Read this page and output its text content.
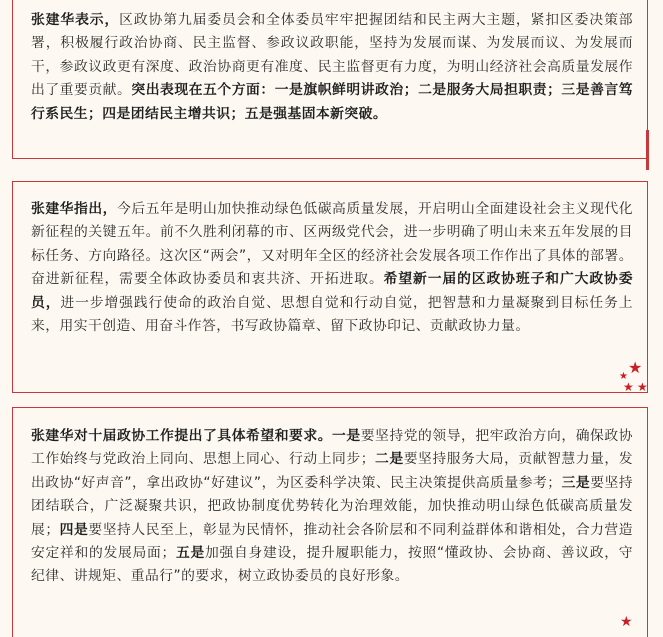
张建华表示，区政协第九届委员会和全体委员牢牢把握团结和民主两大主题，紧扣区委决策部署，积极履行政治协商、民主监督、参政议政职能，坚持为发展而谋、为发展而议、为发展而干，参政议政更有深度、政治协商更有准度、民主监督更有力度，为明山经济社会高质量发展作出了重要贡献。突出表现在五个方面：一是旗帜鲜明讲政治；二是服务大局担职责；三是善言笃行系民生；四是团结民主增共识；五是强基固本新突破。

张建华指出，今后五年是明山加快推动绿色低碳高质量发展，开启明山全面建设社会主义现代化新征程的关键五年。前不久胜利闭幕的市、区两级党代会，进一步明确了明山未来五年发展的目标任务、方向路径。这次区“两会”，又对明年全区的经济社会发展各项工作作出了具体的部署。奋进新征程，需要全体政协委员和衷共济、开拓进取。希望新一届的区政协班子和广大政协委员，进一步增强践行使命的政治自觉、思想自觉和行动自觉，把智慧和力量凝聚到目标任务上来，用实干创造、用奋斗作答，书写政协篇章、留下政协印记、贡献政协力量。

★
★
★ ★

张建华对十届政协工作提出了具体希望和要求。一是要坚持党的领导，把牢政治方向，确保政协工作始终与党政治上同向、思想上同心、行动上同步；二是要坚持服务大局，贡献智慧力量，发出政协“好声音”，拿出政协“好建议”，为区委科学决策、民主决策提供高质量参考；三是要坚持团结联合，广泛凝聚共识，把政协制度优势转化为治理效能，加快推动明山绿色低碳高质量发展；四是要坚持人民至上，彰显为民情怀，推动社会各阶层和不同利益群体和谐相处，合力营造安定祥和的发展局面；五是加强自身建设，提升履职能力，按照“懂政协、会协商、善议政，守纪律、讲规矩、重品行”的要求，树立政协委员的良好形象。

★
